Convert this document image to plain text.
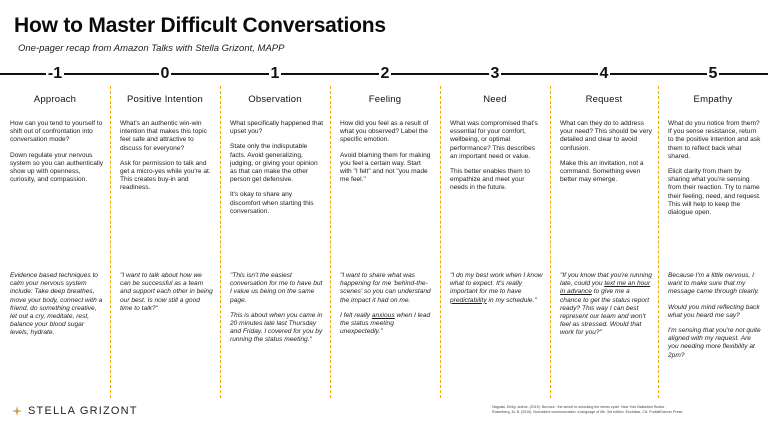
How to Master Difficult Conversations
One-pager recap from Amazon Talks with Stella Grizont, MAPP
-1
Approach

How can you tend to yourself to shift out of confrontation into conversation mode?

Down regulate your nervous system so you can authentically show up with openness, curiosity, and compassion.

Evidence based techniques to calm your nervous system include: Take deep breathes, move your body, connect with a friend, do something creative, let out a cry, meditate, rest, balance your blood sugar levels, hydrate.

0
Positive Intention

What's an authentic win-win intention that makes this topic feel safe and attractive to discuss for everyone?

Ask for permission to talk and get a micro-yes while you're at. This creates buy-in and readiness.

"I want to talk about how we can be successful as a team and support each other in being our best. Is now still a good time to talk?"

1
Observation

What specifically happened that upset you?

State only the indisputable facts. Avoid generalizing, judging, or giving your opinion as that can make the other person get defensive.

It's okay to share any discomfort when starting this conversation.

"This isn't the easiest conversation for me to have but I value us being on the same page.

This is about when you came in 20 minutes late last Thursday and Friday. I covered for you by running the status meeting."

2
Feeling

How did you feel as a result of what you observed? Label the specific emotion.

Avoid blaming them for making you feel a certain way. Start with "I felt" and not "you made me feel."

"I want to share what was happening for me 'behind-the-scenes' so you can understand the impact it had on me.

I felt really anxious when I lead the status meeting unexpectedly."

3
Need

What was compromised that's essential for your comfort, wellbeing, or optimal performance? This describes an important need or value.

This better enables them to empathize and meet your needs in the future.

"I do my best work when I know what to expect. It's really important for me to have predictability in my schedule."

4
Request

What can they do to address your need? This should be very detailed and clear to avoid confusion.

Make this an invitation, not a command. Something even better may emerge.

"If you know that you're running late, could you text me an hour in advance to give me a chance to get the status report ready? This way I can best represent our team and won't feel as stressed. Would that work for you?"

5
Empathy

What do you notice from them? If you sense resistance, return to the positive intention and ask them to reflect back what shared.

Elicit clarity from them by sharing what you're sensing from their reaction. Try to name their feeling, need, and request. This will help to keep the dialogue open.

Because I'm a little nervous, I want to make sure that my message came through clearly.

Would you mind reflecting back what you heard me say?

I'm sensing that you're not quite aligned with my request. Are you needing more flexibility at 2pm?

STELLA GRIZONT	Nagoski, Emily, author. (2019). Burnout : the secret to unlocking the stress cycle. New York Ballantine Books.
Rosenberg, M. B. (2015). Nonviolent communication: a language of life. 3rd edition. Encinitas, CA: PuddleDancer Press.
